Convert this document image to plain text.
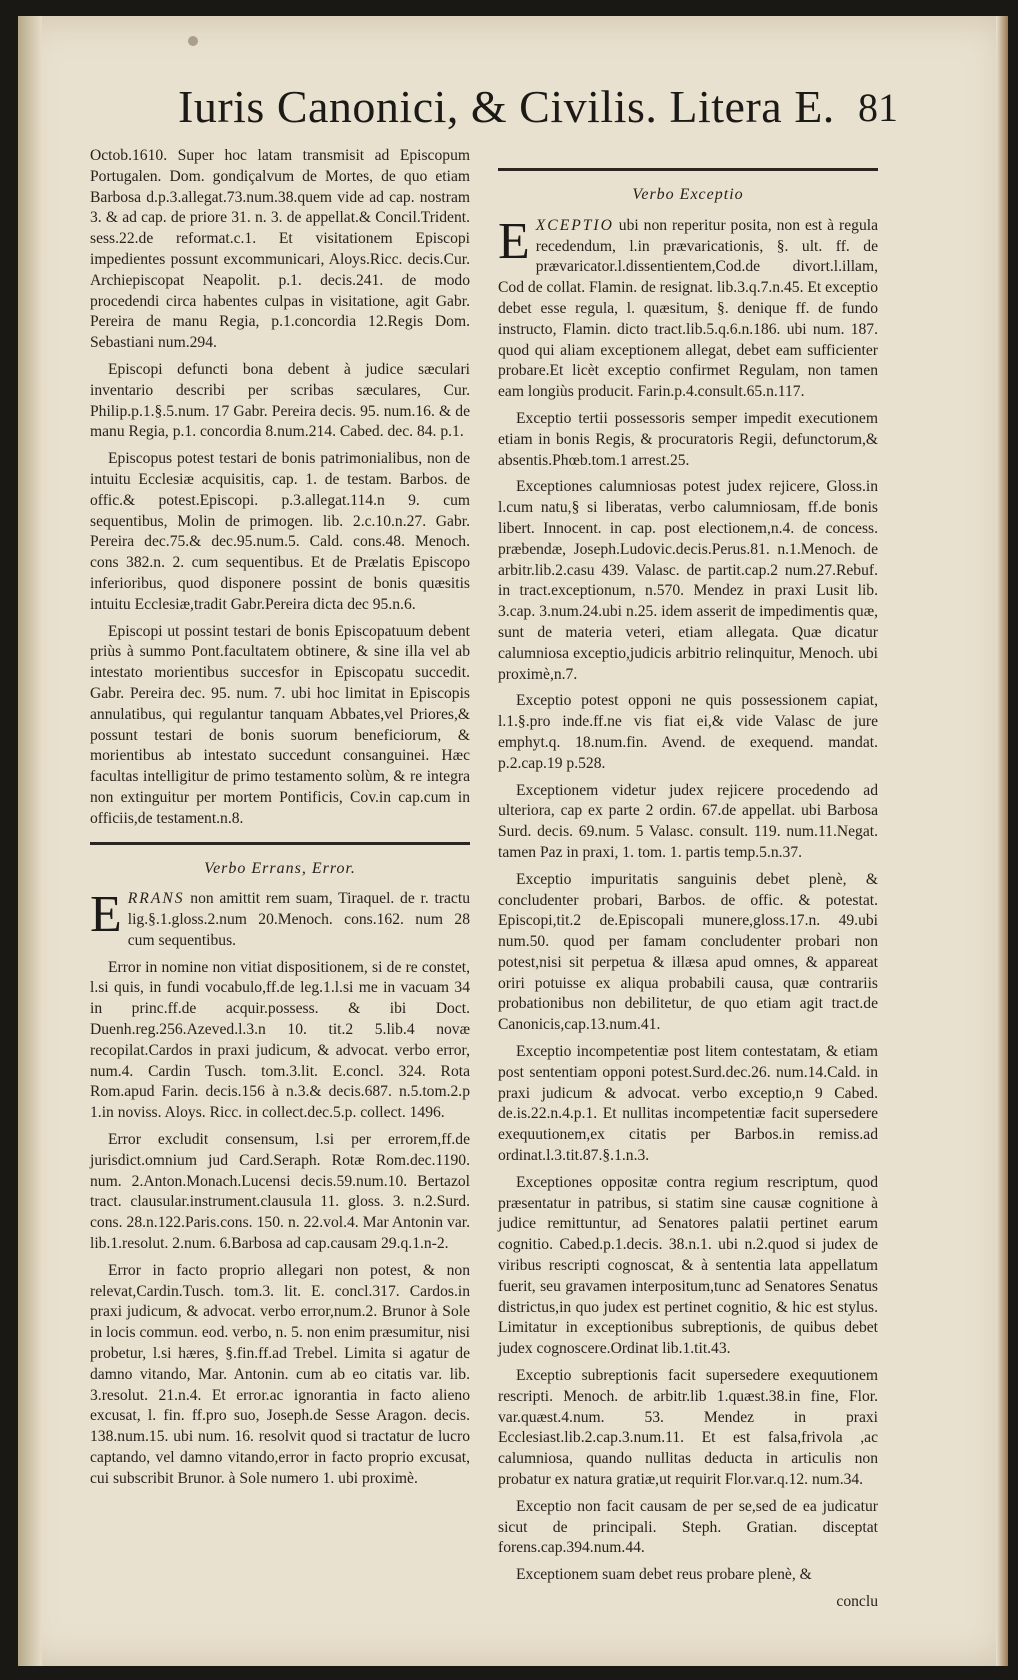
Iuris Canonici, & Civilis. Litera E. 81

Octob.1610. Super hoc latam transmisit ad Episcopum Portugalen. Dom. gondiçalvum de Mortes, de quo etiam Barbosa d.p.3.allegat.73.num.38.quem vide ad cap. nostram 3. & ad cap. de priore 31. n. 3. de appellat.& Concil.Trident. sess.22.de reformat.c.1. Et visitationem Episcopi impedientes possunt excommunicari, Aloys.Ricc. decis.Cur. Archiepiscopat Neapolit. p.1. decis.241. de modo procedendi circa habentes culpas in visitatione, agit Gabr. Pereira de manu Regia, p.1.concordia 12.Regis Dom. Sebastiani num.294.

Episcopi defuncti bona debent à judice sæculari inventario describi per scribas sæculares, Cur. Philip.p.1.§.5.num. 17 Gabr. Pereira decis. 95. num.16. & de manu Regia, p.1. concordia 8.num.214. Cabed. dec. 84. p.1.

Episcopus potest testari de bonis patrimonialibus, non de intuitu Ecclesiæ acquisitis, cap. 1. de testam. Barbos. de offic.& potest.Episcopi. p.3.allegat.114.n 9. cum sequentibus, Molin de primogen. lib. 2.c.10.n.27. Gabr. Pereira dec.75.& dec.95.num.5. Cald. cons.48. Menoch. cons 382.n. 2. cum sequentibus. Et de Prælatis Episcopo inferioribus, quod disponere possint de bonis quæsitis intuitu Ecclesiæ,tradit Gabr.Pereira dicta dec 95.n.6.

Episcopi ut possint testari de bonis Episcopatuum debent priùs à summo Pont.facultatem obtinere, & sine illa vel ab intestato morientibus succesfor in Episcopatu succedit. Gabr. Pereira dec. 95. num. 7. ubi hoc limitat in Episcopis annulatibus, qui regulantur tanquam Abbates,vel Priores,& possunt testari de bonis suorum beneficiorum, & morientibus ab intestato succedunt consanguinei. Hæc facultas intelligitur de primo testamento solùm, & re integra non extinguitur per mortem Pontificis, Cov.in cap.cum in officiis,de testament.n.8.

Verbo Errans, Error.

ERRANS non amittit rem suam, Tiraquel. de r. tractu lig.§.1.gloss.2.num 20.Menoch. cons.162. num 28 cum sequentibus.

Error in nomine non vitiat dispositionem, si de re constet, l.si quis, in fundi vocabulo,ff.de leg.1.l.si me in vacuam 34 in princ.ff.de acquir.possess. & ibi Doct. Duenh.reg.256.Azeved.l.3.n 10. tit.2 5.lib.4 novæ recopilat.Cardos in praxi judicum, & advocat. verbo error, num.4. Cardin Tusch. tom.3.lit. E.concl. 324. Rota Rom.apud Farin. decis.156 à n.3.& decis.687. n.5.tom.2.p 1.in noviss. Aloys. Ricc. in collect.dec.5.p. collect. 1496.

Error excludit consensum, l.si per errorem,ff.de jurisdict.omnium jud Card.Seraph. Rotæ Rom.dec.1190. num. 2.Anton.Monach.Lucensi decis.59.num.10. Bertazol tract. clausular.instrument.clausula 11. gloss. 3. n.2.Surd. cons. 28.n.122.Paris.cons. 150. n. 22.vol.4. Mar Antonin var. lib.1.resolut. 2.num. 6.Barbosa ad cap.causam 29.q.1.n-2.

Error in facto proprio allegari non potest, & non relevat,Cardin.Tusch. tom.3. lit. E. concl.317. Cardos.in praxi judicum, & advocat. verbo error,num.2. Brunor à Sole in locis commun. eod. verbo, n. 5. non enim præsumitur, nisi probetur, l.si hæres, §.fin.ff.ad Trebel. Limita si agatur de damno vitando, Mar. Antonin. cum ab eo citatis var. lib. 3.resolut. 21.n.4. Et error.ac ignorantia in facto alieno excusat, l. fin. ff.pro suo, Joseph.de Sesse Aragon. decis. 138.num.15. ubi num. 16. resolvit quod si tractatur de lucro captando, vel damno vitando,error in facto proprio excusat, cui subscribit Brunor. à Sole numero 1. ubi proximè.

Verbo Exceptio

EXCEPTIO ubi non reperitur posita, non est à regula recedendum, l.in prævaricationis, §. ult. ff. de prævaricator.l.dissentientem,Cod.de divort.l.illam, Cod de collat. Flamin. de resignat. lib.3.q.7.n.45. Et exceptio debet esse regula, l. quæsitum, §. denique ff. de fundo instructo, Flamin. dicto tract.lib.5.q.6.n.186. ubi num. 187. quod qui aliam exceptionem allegat, debet eam sufficienter probare.Et licèt exceptio confirmet Regulam, non tamen eam longiùs producit. Farin.p.4.consult.65.n.117.

Exceptio tertii possessoris semper impedit executionem etiam in bonis Regis, & procuratoris Regii, defunctorum,& absentis.Phœb.tom.1 arrest.25.

Exceptiones calumniosas potest judex rejicere, Gloss.in l.cum natu,§ si liberatas, verbo calumniosam, ff.de bonis libert. Innocent. in cap. post electionem,n.4. de concess. præbendæ, Joseph.Ludovic.decis.Perus.81. n.1.Menoch. de arbitr.lib.2.casu 439. Valasc. de partit.cap.2 num.27.Rebuf. in tract.exceptionum, n.570. Mendez in praxi Lusit lib. 3.cap. 3.num.24.ubi n.25. idem asserit de impedimentis quæ, sunt de materia veteri, etiam allegata. Quæ dicatur calumniosa exceptio,judicis arbitrio relinquitur, Menoch. ubi proximè,n.7.

Exceptio potest opponi ne quis possessionem capiat, l.1.§.pro inde.ff.ne vis fiat ei,& vide Valasc de jure emphyt.q. 18.num.fin. Avend. de exequend. mandat. p.2.cap.19 p.528.

Exceptionem videtur judex rejicere procedendo ad ulteriora, cap ex parte 2 ordin. 67.de appellat. ubi Barbosa Surd. decis. 69.num. 5 Valasc. consult. 119. num.11.Negat. tamen Paz in praxi, 1. tom. 1. partis temp.5.n.37.

Exceptio impuritatis sanguinis debet plenè, & concludenter probari, Barbos. de offic. & potestat. Episcopi,tit.2 de.Episcopali munere,gloss.17.n. 49.ubi num.50. quod per famam concludenter probari non potest,nisi sit perpetua & illæsa apud omnes, & appareat oriri potuisse ex aliqua probabili causa, quæ contrariis probationibus non debilitetur, de quo etiam agit tract.de Canonicis,cap.13.num.41.

Exceptio incompetentiæ post litem contestatam, & etiam post sententiam opponi potest.Surd.dec.26. num.14.Cald. in praxi judicum & advocat. verbo exceptio,n 9 Cabed. de.is.22.n.4.p.1. Et nullitas incompetentiæ facit supersedere exequutionem,ex citatis per Barbos.in remiss.ad ordinat.l.3.tit.87.§.1.n.3.

Exceptiones oppositæ contra regium rescriptum, quod præsentatur in patribus, si statim sine causæ cognitione à judice remittuntur, ad Senatores palatii pertinet earum cognitio. Cabed.p.1.decis. 38.n.1. ubi n.2.quod si judex de viribus rescripti cognoscat, & à sententia lata appellatum fuerit, seu gravamen interpositum,tunc ad Senatores Senatus districtus,in quo judex est pertinet cognitio, & hic est stylus. Limitatur in exceptionibus subreptionis, de quibus debet judex cognoscere.Ordinat lib.1.tit.43.

Exceptio subreptionis facit supersedere exequutionem rescripti. Menoch. de arbitr.lib 1.quæst.38.in fine, Flor. var.quæst.4.num. 53. Mendez in praxi Ecclesiast.lib.2.cap.3.num.11. Et est falsa,frivola ,ac calumniosa, quando nullitas deducta in articulis non probatur ex natura gratiæ,ut requirit Flor.var.q.12. num.34.

Exceptio non facit causam de per se,sed de ea judicatur sicut de principali. Steph. Gratian. disceptat forens.cap.394.num.44.

Exceptionem suam debet reus probare plenè, &

conclu
